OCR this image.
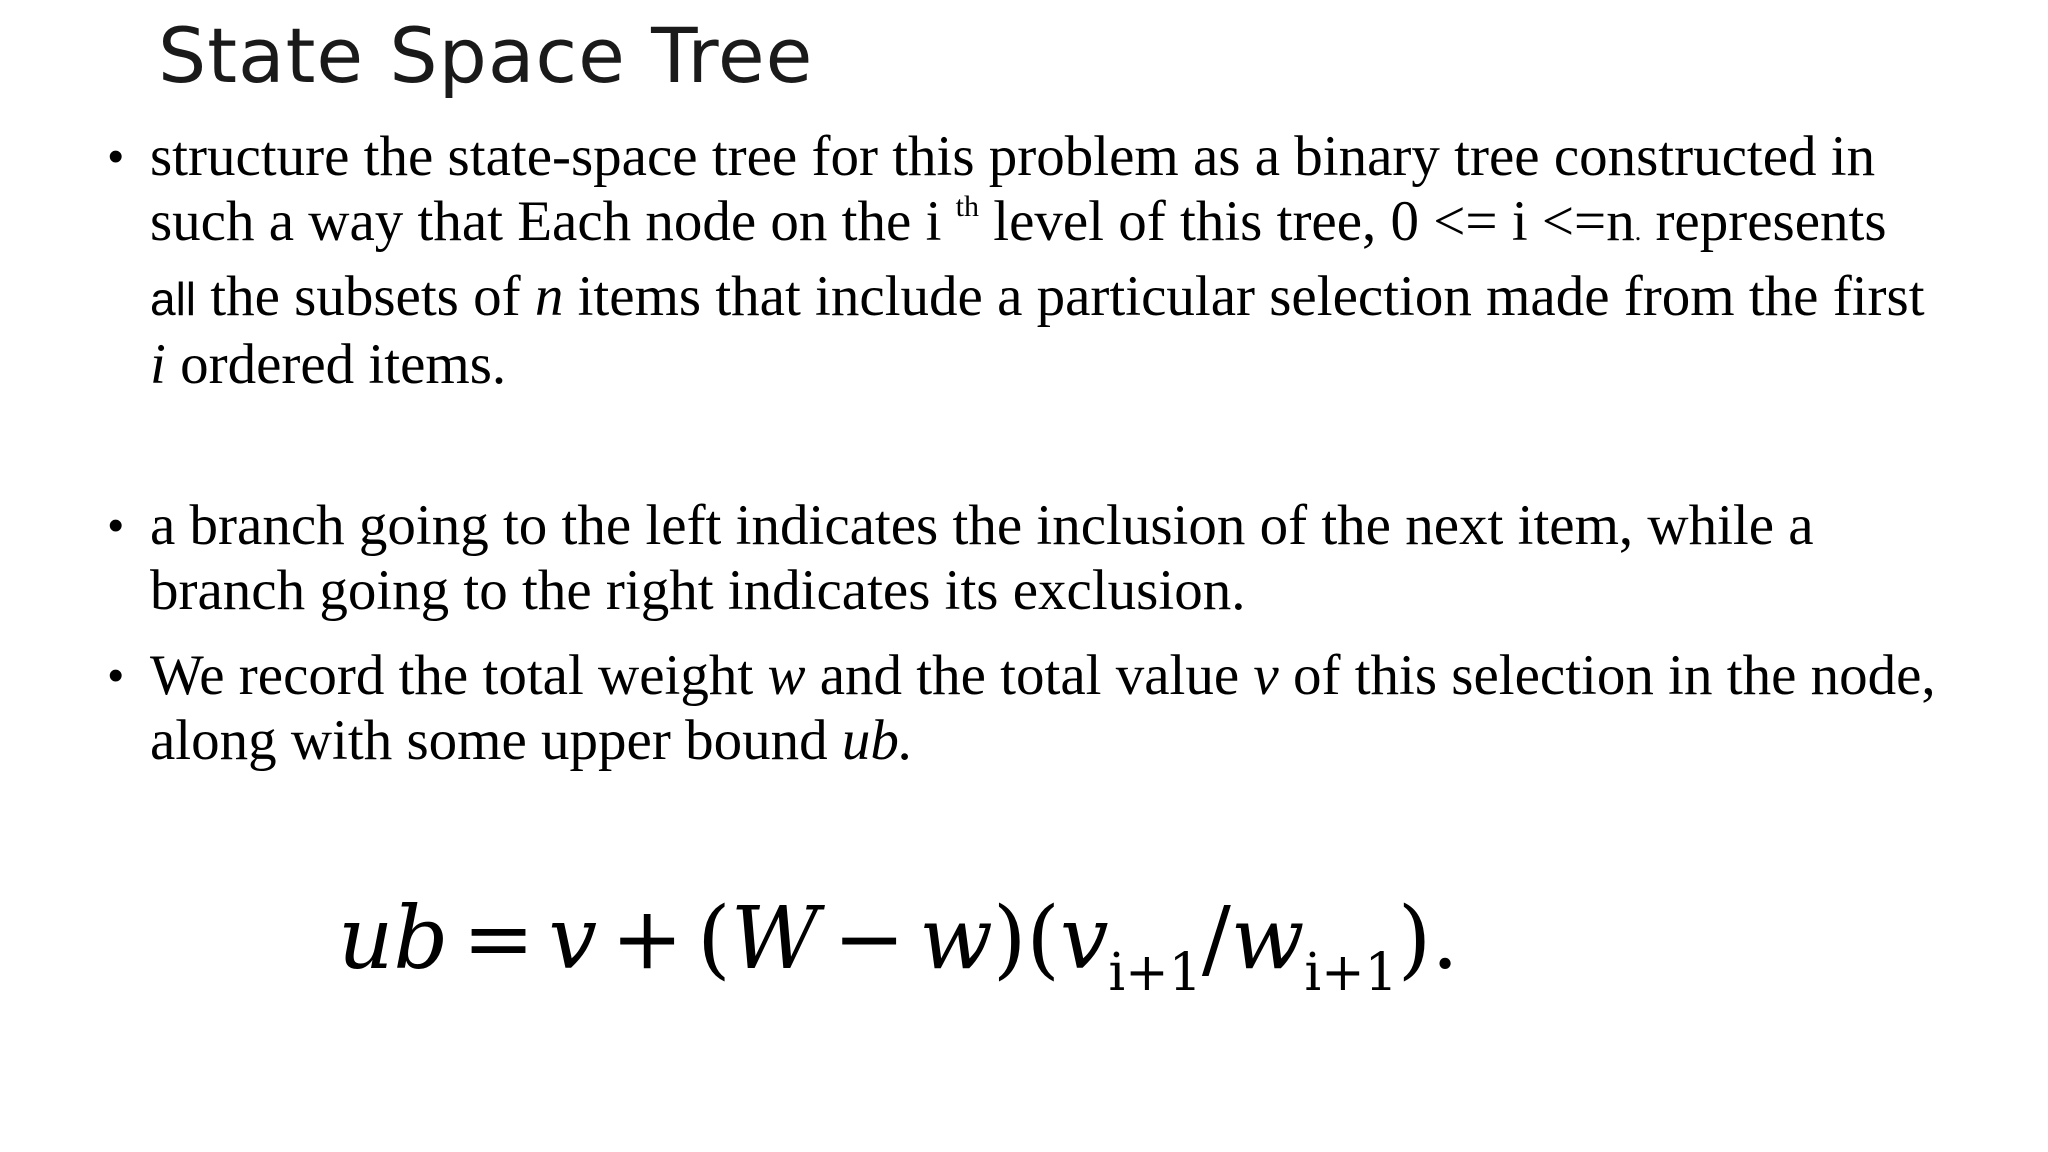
State Space Tree
• structure the state-space tree for this problem as a binary tree constructed in such a way that Each node on the i $^{th}$ level of this tree, 0 <= i <=n. represents all the subsets of n items that include a particular selection made from the first i ordered items.
• a branch going to the left indicates the inclusion of the next item, while a branch going to the right indicates its exclusion.
• We record the total weight w and the total value v of this selection in the node, along with some upper bound ub.
ub = $v + (W - w)(v_{i+1}/w_{i+1})$.
